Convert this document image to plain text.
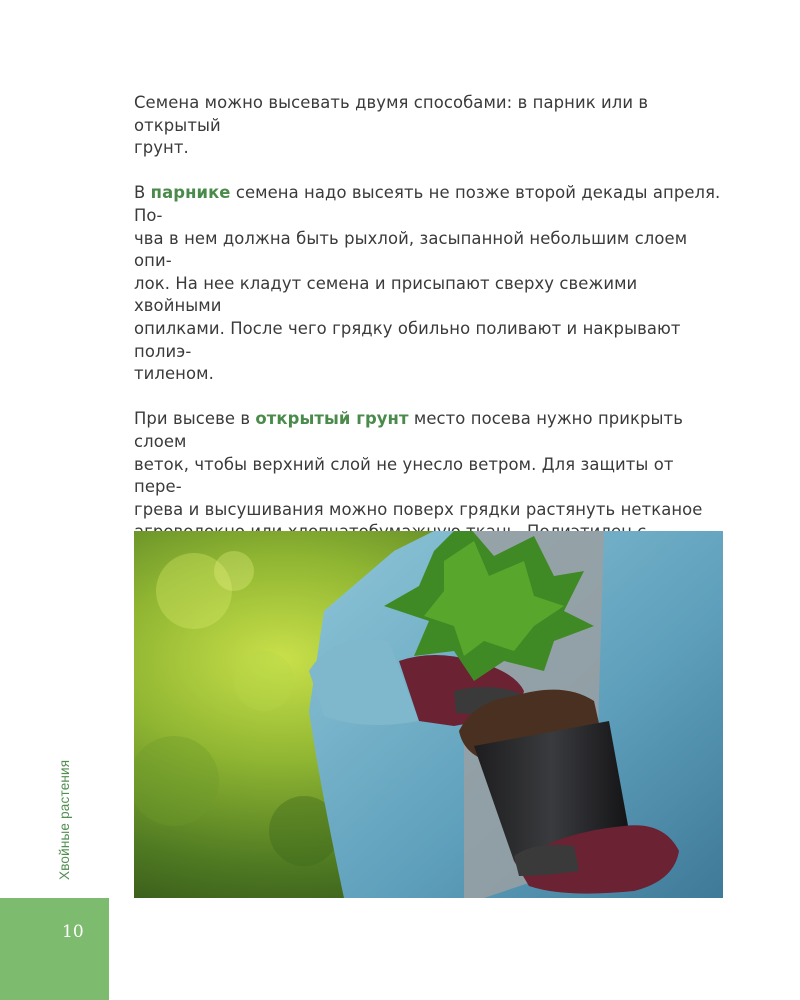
Семена можно высевать двумя способами: в парник или в открытый
грунт.

В парнике семена надо высеять не позже второй декады апреля. По-
чва в нем должна быть рыхлой, засыпанной небольшим слоем опи-
лок. На нее кладут семена и присыпают сверху свежими хвойными
опилками. После чего грядку обильно поливают и накрывают полиэ-
тиленом.

При высеве в открытый грунт место посева нужно прикрыть слоем
веток, чтобы верхний слой не унесло ветром. Для защиты от пере-
грева и высушивания можно поверх грядки растянуть нетканое

Хвойные растения
10
